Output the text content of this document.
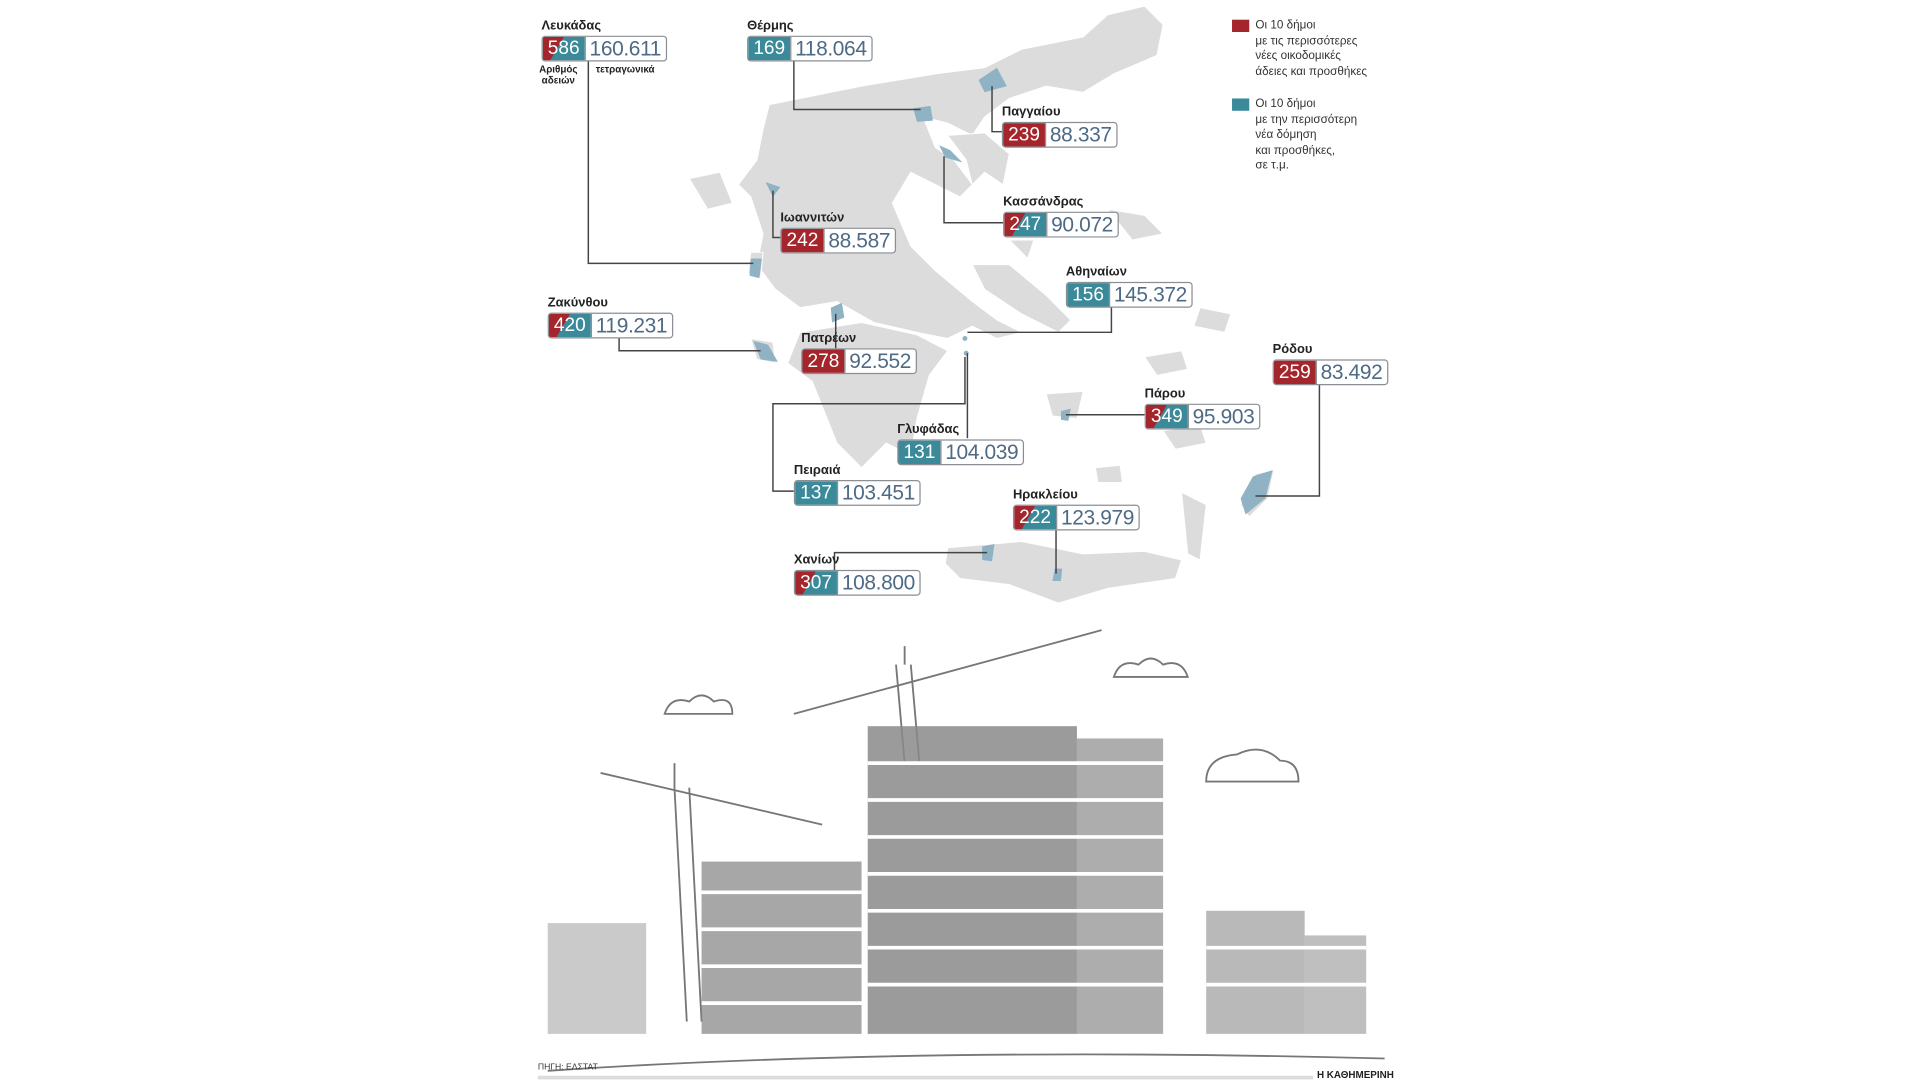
Λευκάδας
586 160.611
Θέρμης
169 118.064
Παγγαίου
239 88.337
Ιωαννιτών
242 88.587
Κασσάνδρας
247 90.072
Αθηναίων
156 145.372
Ζακύνθου
420 119.231
Πατρέων
278 92.552	Ρόδου
259 83.492
Πάρου
349 95.903
Γλυφάδας
131 104.039
Πειραιά
137 103.451	Ηρακλείου
222 123.979
Χανίων
307 108.800
Αριθμός
αδειών
τετραγωνικά
Οι 10 δήμοι
με τις περισσότερες
νέες οικοδομικές
άδειες και προσθήκες
Οι 10 δήμοι
με την περισσότερη
νέα δόμηση
και προσθήκες,
σε τ.μ.
ΠΗΓΗ: ΕΛΣΤΑΤ
Η ΚΑΘΗΜΕΡΙΝΗ
